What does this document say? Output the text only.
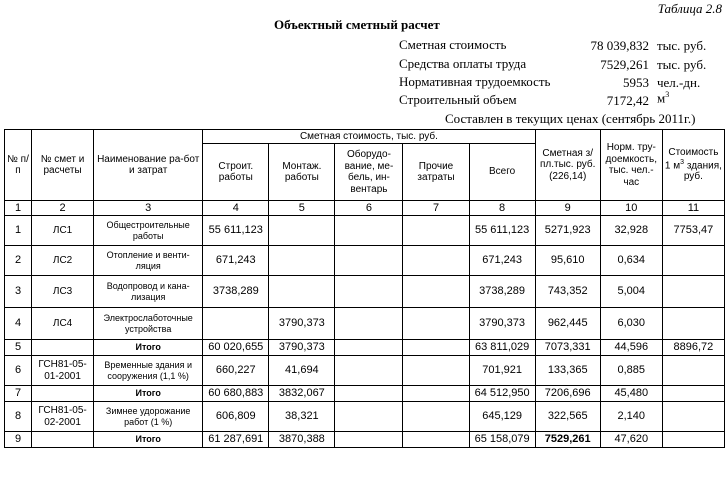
Таблица 2.8
Объектный сметный расчет
Сметная стоимость	78 039,832 тыс. руб.
Средства оплаты труда	7529,261 тыс. руб.
Нормативная трудоемкость	5953 чел.-дн.
Строительный объем	7172,42 $м^3$
Составлен в текущих ценах (сентябрь 2011г.)
№ п/п	№ смет и расчеты	Наименование ра-бот и затрат	Сметная стоимость, тыс. руб.					Сметная з/пл.тыс. руб. (226,14)	Норм. тру-доемкость, тыс. чел.-час	Стоимость 1 $м^3$ здания, руб.
			Строит. работы	Монтаж. работы	Оборудо-вание, ме-бель, ин-вентарь	Прочие затраты	Всего			
1	2	3	4	5	6	7	8	9	10	11
1	ЛС1	Общестроительные работы	55 611,123				55 611,123	5271,923	32,928	7753,47
2	ЛС2	Отопление и венти-ляция	671,243				671,243	95,610	0,634	
3	ЛС3	Водопровод и кана-лизация	3738,289				3738,289	743,352	5,004	
4	ЛС4	Электрослаботочные устройства		3790,373			3790,373	962,445	6,030	
5		Итого	60 020,655	3790,373			63 811,029	7073,331	44,596	8896,72
6	ГСН81-05-01-2001	Временные здания и сооружения (1,1 %)	660,227	41,694			701,921	133,365	0,885	
7		Итого	60 680,883	3832,067			64 512,950	7206,696	45,480	
8	ГСН81-05-02-2001	Зимнее удорожание работ (1 %)	606,809	38,321			645,129	322,565	2,140	
9		Итого	61 287,691	3870,388			65 158,079	7529,261	47,620	
